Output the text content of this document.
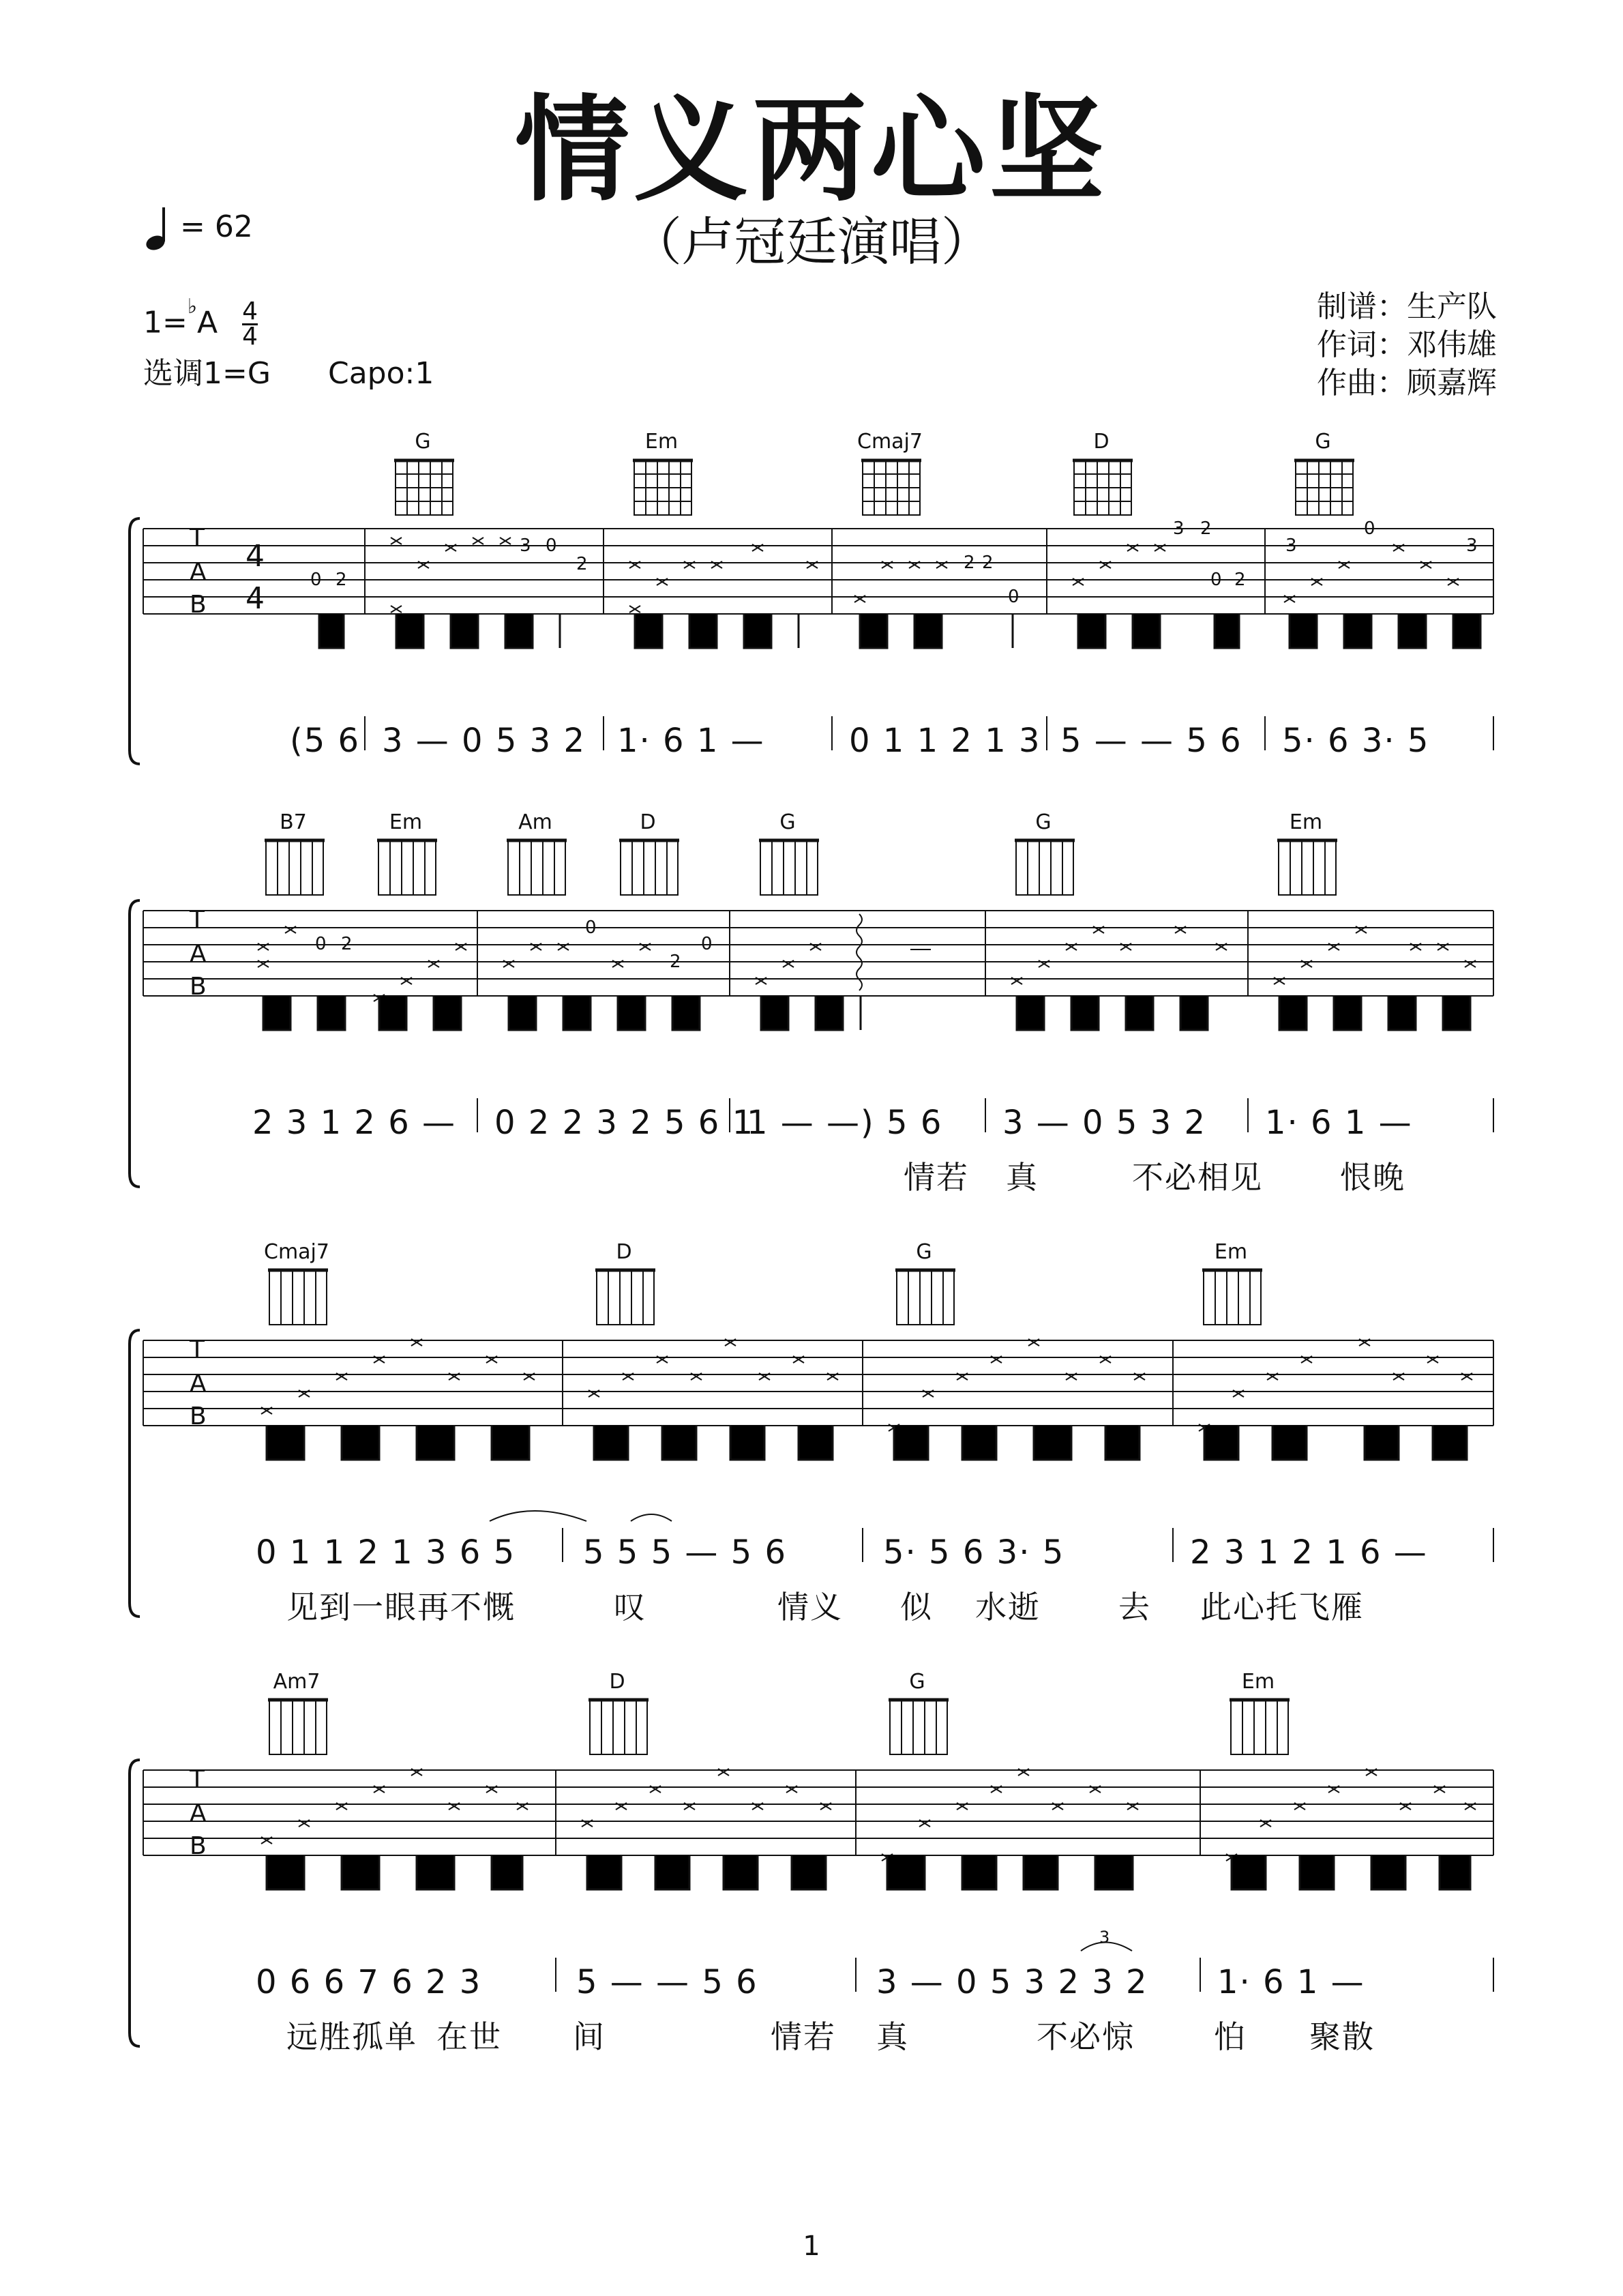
情义两心坚
（卢冠廷演唱）
= 62
$1=^♭A \frac{4}{4}$
选调1=G Capo:1
制谱：生产队
作词：邓伟雄
作曲：顾嘉辉
G	Em	Cmaj7	D	G
T
A
B
4
4
0 2
3 0
2	2 2
0
3 2
0 2
3
0
3
(5 6 3 — 0 5 3 2 1· 6 1 —	0 1 1 2 1 3 5 — — 5 6 5· 6 3· 5
B7	Em	Am	D	G	G	Em
T
A
B
0 2
0
2
0
2 3 1 2 6 — 0 2 2 3 2 5 6 1
1 — —) 5 6 3 — 0 5 3 2 1· 6 1 —
情若 真	不必相见 恨晚
Cmaj7	D	G	Em
T
A
B
0 1 1 2 1 3 6 5 5 5 5 — 5 6	5· 5 6 3· 5	2 3 1 2 1 6 —
见到一眼再不慨	叹	情义 似 水逝 去 此心托飞雁
Am7	D	G	Em
T
A
B
3
0 6 6 7 6 2 3	5 — — 5 6	3 — 0 5 3 2 3 2 1· 6 1 —
远胜孤单 在世 间	情若 真	不必惊	怕 聚散
1
